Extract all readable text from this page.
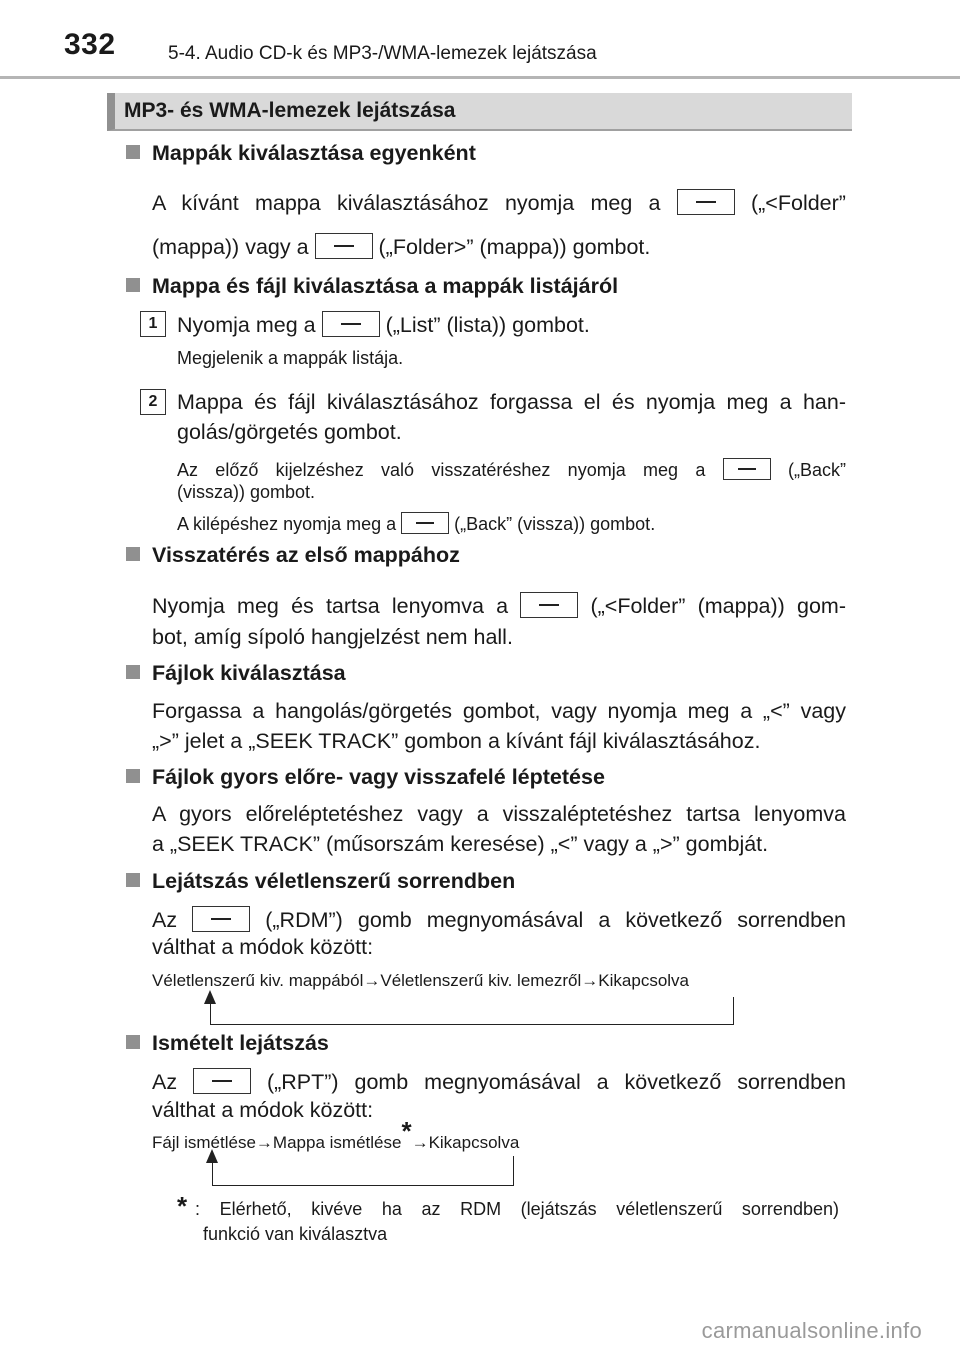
332	5-4. Audio CD-k és MP3-/WMA-lemezek lejátszása
MP3- és WMA-lemezek lejátszása
Mappák kiválasztása egyenként
A kívánt mappa kiválasztásához nyomja meg a	(„<Folder”
(mappa)) vagy a	(„Folder>” (mappa)) gombot.
Mappa és fájl kiválasztása a mappák listájáról
1 Nyomja meg a	(„List” (lista)) gombot.
Megjelenik a mappák listája.
2 Mappa és fájl kiválasztásához forgassa el és nyomja meg a han-
golás/görgetés gombot.
Az előző kijelzéshez való visszatéréshez nyomja meg a	(„Back”
(vissza)) gombot.
A kilépéshez nyomja meg a	(„Back” (vissza)) gombot.
Visszatérés az első mappához
Nyomja meg és tartsa lenyomva a	(„<Folder” (mappa)) gom-
bot, amíg sípoló hangjelzést nem hall.
Fájlok kiválasztása
Forgassa a hangolás/görgetés gombot, vagy nyomja meg a „<” vagy
„>” jelet a „SEEK TRACK” gombon a kívánt fájl kiválasztásához.
Fájlok gyors előre- vagy visszafelé léptetése
A gyors előreléptetéshez vagy a visszaléptetéshez tartsa lenyomva
a „SEEK TRACK” (műsorszám keresése) „<” vagy a „>” gombját.
Lejátszás véletlenszerű sorrendben
Az	(„RDM”) gomb megnyomásával a következő sorrendben
válthat a módok között:
Véletlenszerű kiv. mappából→Véletlenszerű kiv. lemezről→Kikapcsolva
Ismételt lejátszás
Az	(„RPT”) gomb megnyomásával a következő sorrendben
válthat a módok között:
Fájl ismétlése→Mappa ismétlése*→Kikapcsolva
* : Elérhető, kivéve ha az RDM (lejátszás véletlenszerű sorrendben)
funkció van kiválasztva
carmanualsonline.info
